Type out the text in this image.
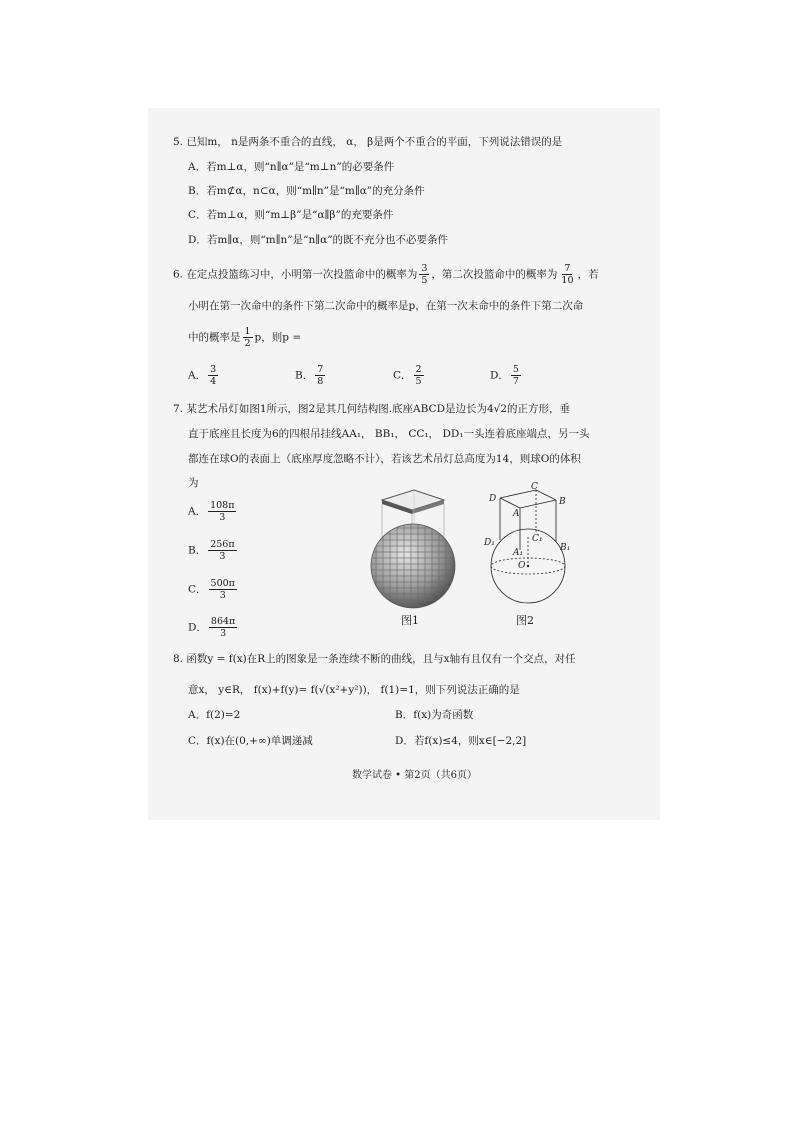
5. 已知m， n是两条不重合的直线， α， β是两个不重合的平面，下列说法错误的是
A．若m⊥α，则“n∥α”是“m⊥n”的必要条件
B．若m⊄α，n⊂α，则“m∥n”是“m∥α”的充分条件
C．若m⊥α，则“m⊥β”是“α∥β”的充要条件
D．若m∥α，则“m∥n”是“n∥α”的既不充分也不必要条件
6. 在定点投篮练习中，小明第一次投篮命中的概率为 $\frac{3}{5}$ ，第二次投篮命中的概率为 $\frac{7}{10}$ ，若
小明在第一次命中的条件下第二次命中的概率是p，在第一次未命中的条件下第二次命
中的概率是 $\frac{1}{2}$ p，则p =
A． $\frac{3}{4}$	B． $\frac{7}{8}$	C． $\frac{2}{5}$	D． $\frac{5}{7}$
7. 某艺术吊灯如图1所示，图2是其几何结构图.底座ABCD是边长为4√2的正方形，垂
直于底座且长度为6的四根吊挂线AA₁， BB₁， CC₁， DD₁一头连着底座端点，另一头
都连在球O的表面上（底座厚度忽略不计），若该艺术吊灯总高度为14，则球O的体积
为
A． $\frac{108\pi}{3}$
B． $\frac{256\pi}{3}$
C． $\frac{500\pi}{3}$
D． $\frac{864\pi}{3}$	图1
D
C
B
A
C₁
D₁
A₁	B₁
O
图2
8. 函数y = f(x)在R上的图象是一条连续不断的曲线，且与x轴有且仅有一个交点，对任
意x， y∈R， f(x)+f(y)= f(√(x²+y²))， f(1)=1，则下列说法正确的是
A．f(2)=2	B．f(x)为奇函数
C．f(x)在(0,+∞)单调递减	D．若f(x)≤4，则x∈[−2,2]
数学试卷 • 第2页（共6页）
